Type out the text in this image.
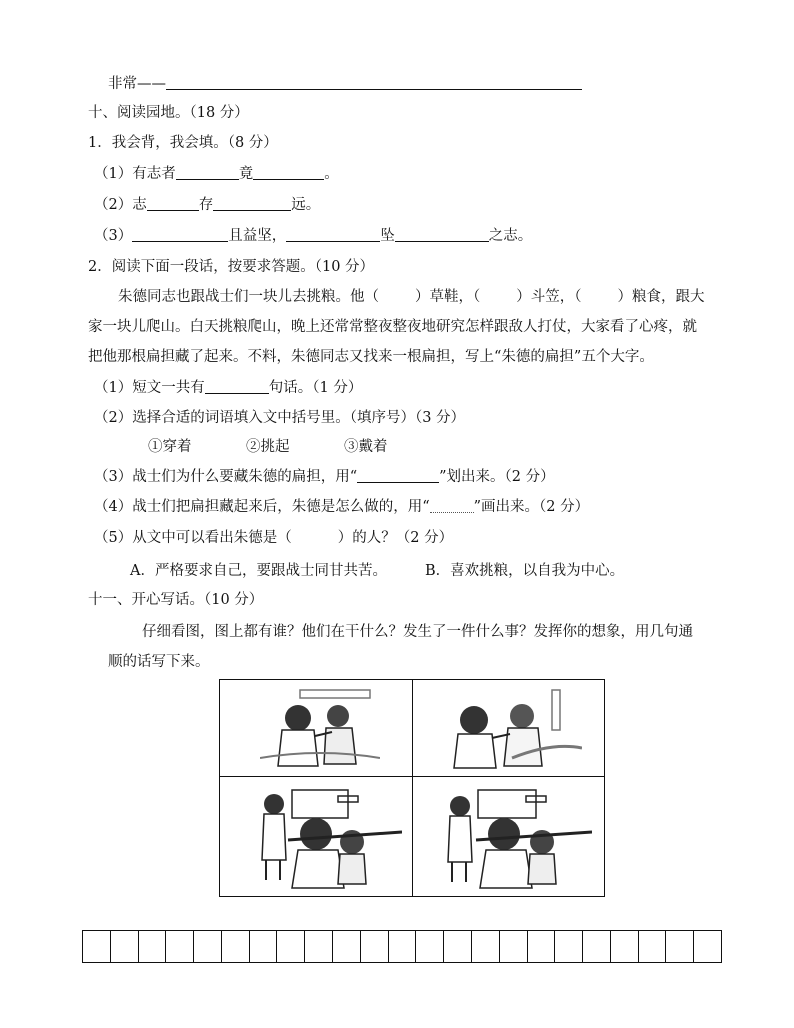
非常——
十、阅读园地。（18 分）
1．我会背，我会填。（8 分）
（1）有志者	竟	。
（2）志	存	远。
（3）	且益坚，	坠	之志。
2．阅读下面一段话，按要求答题。（10 分）
朱德同志也跟战士们一块儿去挑粮。他（ ）草鞋，（ ）斗笠，（ ）粮食，跟大
家一块儿爬山。白天挑粮爬山，晚上还常常整夜整夜地研究怎样跟敌人打仗，大家看了心疼，就
把他那根扁担藏了起来。不料，朱德同志又找来一根扁担，写上“朱德的扁担”五个大字。
（1）短文一共有	句话。（1 分）
（2）选择合适的词语填入文中括号里。（填序号）（3 分）
①穿着	②挑起	③戴着
（3）战士们为什么要藏朱德的扁担，用“	”划出来。（2 分）
（4）战士们把扁担藏起来后，朱德是怎么做的，用“	”画出来。（2 分）
（5）从文中可以看出朱德是（	）的人？（2 分）
A．严格要求自己，要跟战士同甘共苦。	B．喜欢挑粮，以自我为中心。
十一、开心写话。（10 分）
仔细看图，图上都有谁？他们在干什么？发生了一件什么事？发挥你的想象，用几句通
顺的话写下来。
